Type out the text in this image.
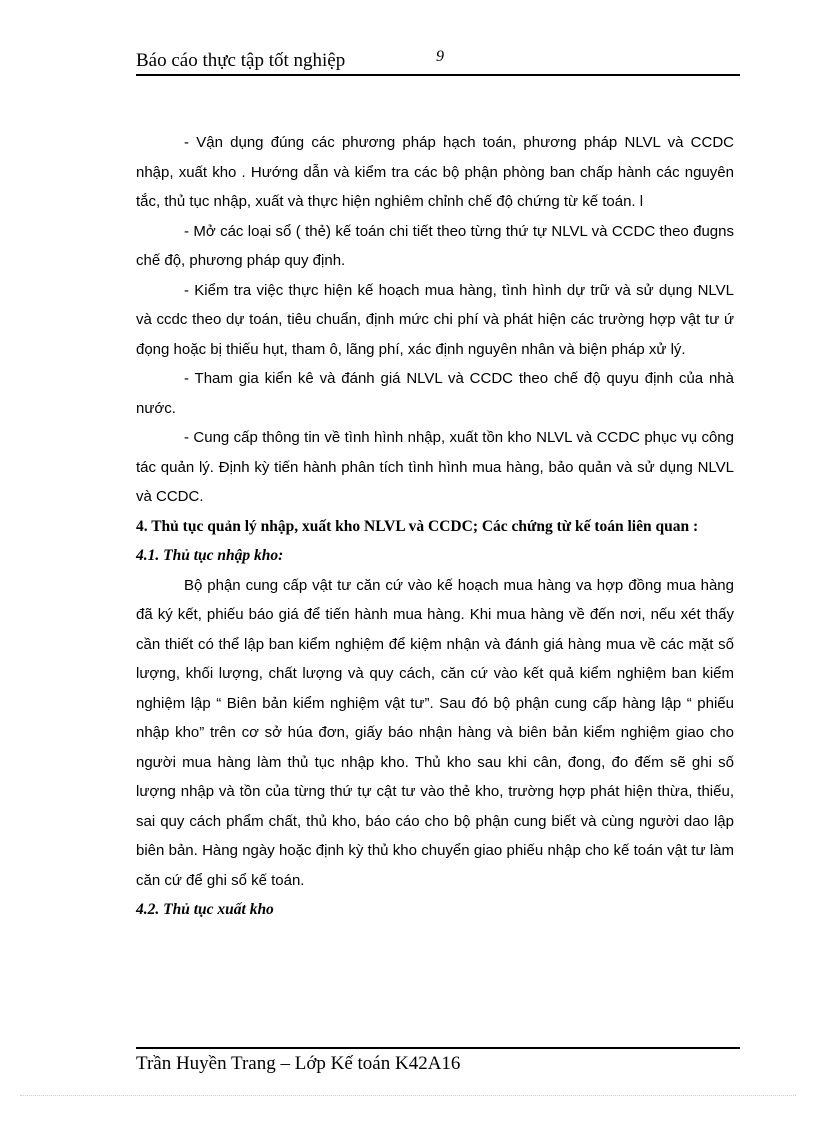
Báo cáo thực tập tốt nghiệp	9

- Vận dụng đúng các phương pháp hạch toán, phương pháp NLVL và CCDC nhập, xuất kho . Hướng dẫn và kiểm tra các bộ phận phòng ban chấp hành các nguyên tắc, thủ tục nhập, xuất và thực hiện nghiêm chỉnh chế độ chứng từ kế toán. l

- Mở các loại sổ ( thẻ) kế toán chi tiết theo từng thứ tự NLVL và CCDC theo đugns chế độ, phương pháp quy định.

- Kiểm tra việc thực hiện kế hoạch mua hàng, tình hình dự trữ và sử dụng NLVL và ccdc theo dự toán, tiêu chuẩn, định mức chi phí và phát hiện các trường hợp vật tư ứ đọng hoặc bị thiếu hụt, tham ô, lãng phí, xác định nguyên nhân và biện pháp xử lý.

- Tham gia kiển kê và đánh giá NLVL và CCDC theo chế độ quyu định của nhà nước.

- Cung cấp thông tin về tình hình nhập, xuất tồn kho NLVL và CCDC phục vụ công tác quản lý. Định kỳ tiến hành phân tích tình hình mua hàng, bảo quản và sử dụng NLVL và CCDC.

4. Thủ tục quản lý nhập, xuất kho NLVL và CCDC; Các chứng từ kế toán liên quan :

4.1. Thủ tục nhập kho:

Bộ phận cung cấp vật tư căn cứ vào kế hoạch mua hàng va hợp đồng mua hàng đã ký kết, phiếu báo giá để tiến hành mua hàng. Khi mua hàng về đến nơi, nếu xét thấy cần thiết có thể lập ban kiểm nghiệm để kiệm nhận và đánh giá hàng mua về các mặt số lượng, khối lượng, chất lượng và quy cách, căn cứ vào kết quả kiểm nghiệm ban kiểm nghiệm lập “ Biên bản kiểm nghiệm vật tư”. Sau đó bộ phận cung cấp hàng lập “ phiếu nhập kho” trên cơ sở húa đơn, giấy báo nhận hàng và biên bản kiểm nghiệm giao cho người mua hàng làm thủ tục nhập kho. Thủ kho sau khi cân, đong, đo đếm sẽ ghi số lượng nhập và tồn của từng thứ tự cật tư vào thẻ kho, trường hợp phát hiện thừa, thiếu, sai quy cách phẩm chất, thủ kho, báo cáo cho bộ phận cung biết và cùng người dao lập biên bản. Hàng ngày hoặc định kỳ thủ kho chuyển giao phiếu nhập cho kế toán vật tư làm căn cứ để ghi sổ kế toán.

4.2. Thủ tục xuất kho

Trần Huyền Trang – Lớp Kế toán K42A16
